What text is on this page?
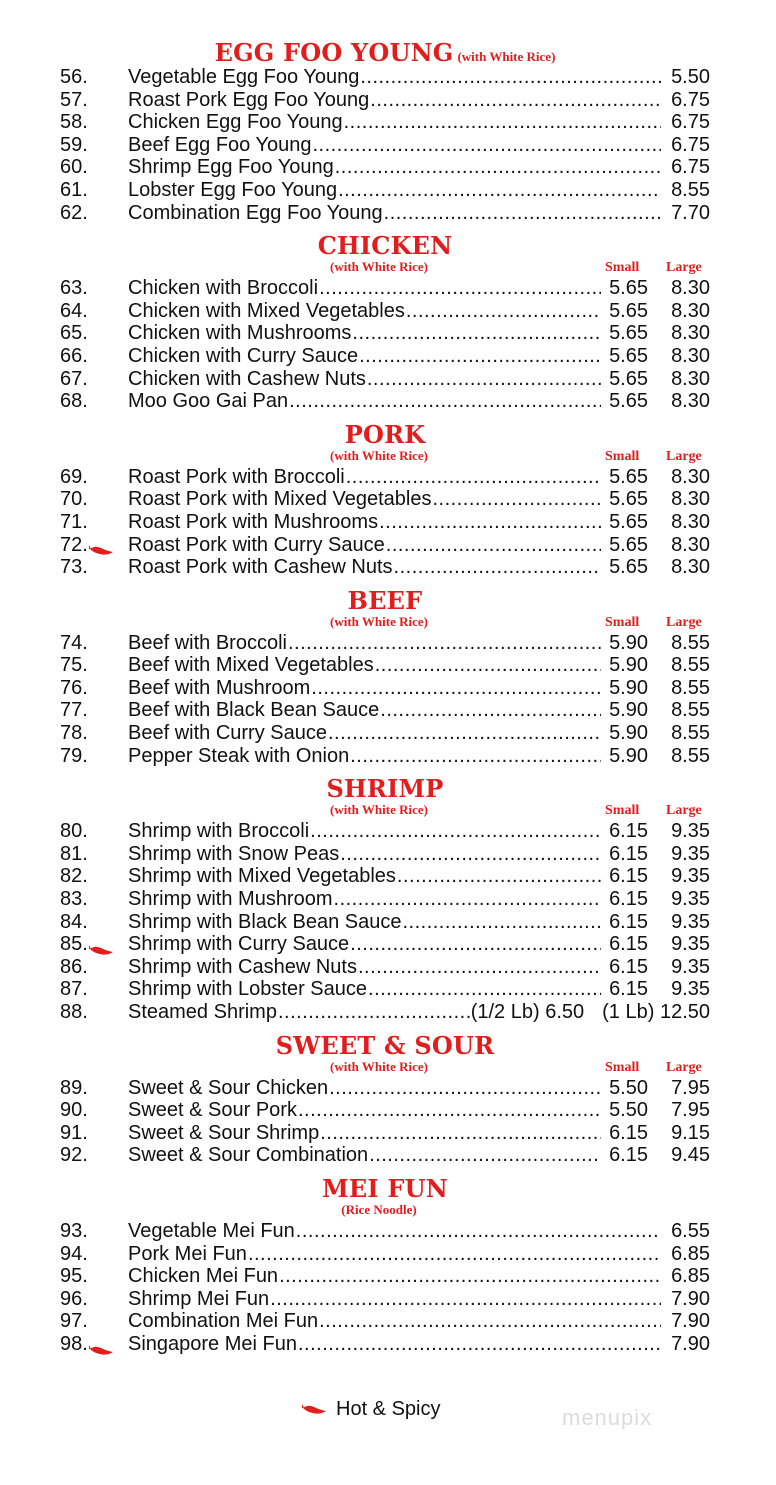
EGG FOO YOUNG (with White Rice)
56.	Vegetable Egg Foo Young .....	5.50
57.	Roast Pork Egg Foo Young .....	6.75
58.	Chicken Egg Foo Young .....	6.75
59.	Beef Egg Foo Young .....	6.75
60.	Shrimp Egg Foo Young .....	6.75
61.	Lobster Egg Foo Young .....	8.55
62.	Combination Egg Foo Young .....	7.70
CHICKEN
(with White Rice)	Small Large
63.	Chicken with Broccoli .....	5.65	8.30
64.	Chicken with Mixed Vegetables .....	5.65	8.30
65.	Chicken with Mushrooms .....	5.65	8.30
66.	Chicken with Curry Sauce .....	5.65	8.30
67.	Chicken with Cashew Nuts .....	5.65	8.30
68.	Moo Goo Gai Pan .....	5.65	8.30
PORK
(with White Rice)	Small Large
69.	Roast Pork with Broccoli .....	5.65	8.30
70.	Roast Pork with Mixed Vegetables .....	5.65	8.30
71.	Roast Pork with Mushrooms .....	5.65	8.30
72.	Roast Pork with Curry Sauce .....	5.65	8.30
73.	Roast Pork with Cashew Nuts .....	5.65	8.30
BEEF
(with White Rice)	Small Large
74.	Beef with Broccoli .....	5.90	8.55
75.	Beef with Mixed Vegetables .....	5.90	8.55
76.	Beef with Mushroom .....	5.90	8.55
77.	Beef with Black Bean Sauce .....	5.90	8.55
78.	Beef with Curry Sauce .....	5.90	8.55
79.	Pepper Steak with Onion .....	5.90	8.55
SHRIMP
(with White Rice)	Small Large
80.	Shrimp with Broccoli .....	6.15	9.35
81.	Shrimp with Snow Peas .....	6.15	9.35
82.	Shrimp with Mixed Vegetables .....	6.15	9.35
83.	Shrimp with Mushroom .....	6.15	9.35
84.	Shrimp with Black Bean Sauce .....	6.15	9.35
85.	Shrimp with Curry Sauce .....	6.15	9.35
86.	Shrimp with Cashew Nuts .....	6.15	9.35
87.	Shrimp with Lobster Sauce .....	6.15	9.35
88.	Steamed Shrimp .....	(1/2 Lb) 6.50 (1 Lb) 12.50
SWEET & SOUR
(with White Rice)	Small Large
89.	Sweet & Sour Chicken .....	5.50	7.95
90.	Sweet & Sour Pork .....	5.50	7.95
91.	Sweet & Sour Shrimp .....	6.15	9.15
92.	Sweet & Sour Combination .....	6.15	9.45
MEI FUN
(Rice Noodle)
93.	Vegetable Mei Fun .....	6.55
94.	Pork Mei Fun .....	6.85
95.	Chicken Mei Fun .....	6.85
96.	Shrimp Mei Fun .....	7.90
97.	Combination Mei Fun .....	7.90
98.	Singapore Mei Fun .....	7.90
Hot & Spicy	menupix
